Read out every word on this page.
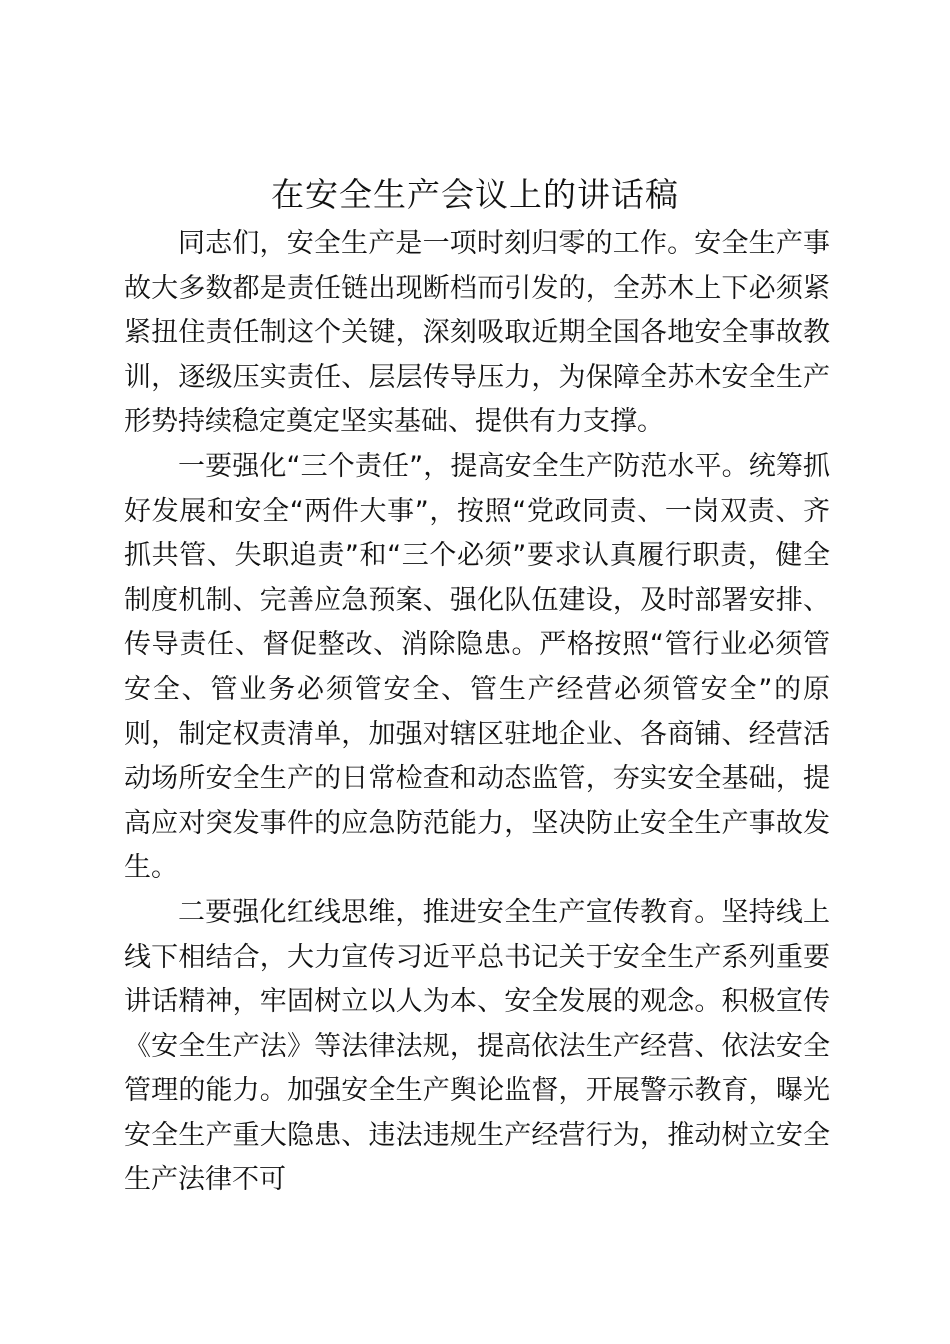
在安全生产会议上的讲话稿

同志们，安全生产是一项时刻归零的工作。安全生产事故大多数都是责任链出现断档而引发的，全苏木上下必须紧紧扭住责任制这个关键，深刻吸取近期全国各地安全事故教训，逐级压实责任、层层传导压力，为保障全苏木安全生产形势持续稳定奠定坚实基础、提供有力支撑。

一要强化“三个责任”，提高安全生产防范水平。统筹抓好发展和安全“两件大事”，按照“党政同责、一岗双责、齐抓共管、失职追责”和“三个必须”要求认真履行职责，健全制度机制、完善应急预案、强化队伍建设，及时部署安排、传导责任、督促整改、消除隐患。严格按照“管行业必须管安全、管业务必须管安全、管生产经营必须管安全”的原则，制定权责清单，加强对辖区驻地企业、各商铺、经营活动场所安全生产的日常检查和动态监管，夯实安全基础，提高应对突发事件的应急防范能力，坚决防止安全生产事故发生。

二要强化红线思维，推进安全生产宣传教育。坚持线上线下相结合，大力宣传习近平总书记关于安全生产系列重要讲话精神，牢固树立以人为本、安全发展的观念。积极宣传《安全生产法》等法律法规，提高依法生产经营、依法安全管理的能力。加强安全生产舆论监督，开展警示教育，曝光安全生产重大隐患、违法违规生产经营行为，推动树立安全生产法律不可
